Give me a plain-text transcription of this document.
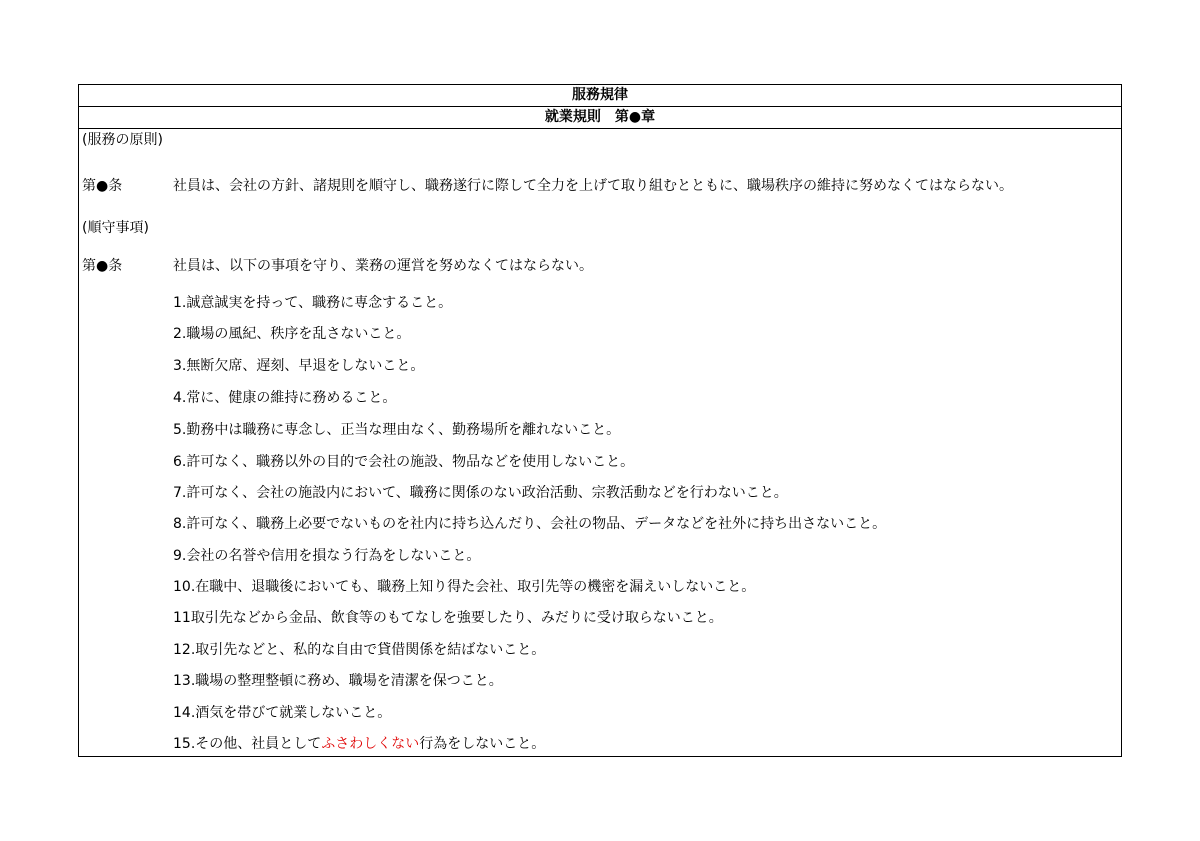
服務規律
就業規則　第●章
(服務の原則)
第●条	社員は、会社の方針、諸規則を順守し、職務遂行に際して全力を上げて取り組むとともに、職場秩序の維持に努めなくてはならない。
(順守事項)
第●条	社員は、以下の事項を守り、業務の運営を努めなくてはならない。
1.誠意誠実を持って、職務に専念すること。
2.職場の風紀、秩序を乱さないこと。
3.無断欠席、遅刻、早退をしないこと。
4.常に、健康の維持に務めること。
5.勤務中は職務に専念し、正当な理由なく、勤務場所を離れないこと。
6.許可なく、職務以外の目的で会社の施設、物品などを使用しないこと。
7.許可なく、会社の施設内において、職務に関係のない政治活動、宗教活動などを行わないこと。
8.許可なく、職務上必要でないものを社内に持ち込んだり、会社の物品、データなどを社外に持ち出さないこと。
9.会社の名誉や信用を損なう行為をしないこと。
10.在職中、退職後においても、職務上知り得た会社、取引先等の機密を漏えいしないこと。
11取引先などから金品、飲食等のもてなしを強要したり、みだりに受け取らないこと。
12.取引先などと、私的な自由で貸借関係を結ばないこと。
13.職場の整理整頓に務め、職場を清潔を保つこと。
14.酒気を帯びて就業しないこと。
15.その他、社員としてふさわしくない行為をしないこと。
